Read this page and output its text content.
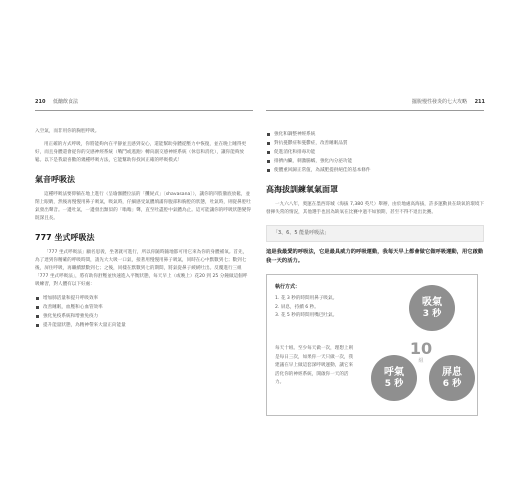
210 低醣飲食法

入空氣，而非用你的胸腔呼吸。

用正確的方式呼吸，你將能夠內在平靜並且感到安心，還能幫助身體從壓力中恢復，並在晚上睡得更好，而且身體還會從你的交感神經系統（戰鬥或逃跑）轉向副交感神經系統（休息和消化），讓你能夠放鬆。以下是我最喜歡的幾種呼吸方法，它能幫助你找回正確的呼吸模式！

氣音呼吸法

這種呼吸法要仰躺在地上進行（呈瑜伽體位法的「攤屍式」〔shavasana〕），讓你的四肢徹底放鬆，並閉上眼睛，然後再慢慢用鼻子吸氣，吸氣時，仔細感受氣體填滿你腹部和胸腔的狀態，吐氣時，則從鼻腔吐氣發出聲音。一邊吐氣，一邊發出類似的「嗡嗡」聲，直至吐盡腔中氣體為止。這可能讓你的呼吸狀態變得既深且長。

777 坐式呼吸法

「777 坐式呼吸法」顧名思義，坐著就可進行，所以你隨時隨地都可用它來為你的身體補氧。首先，為了達到你精確的呼吸時間，請先大大吸一口氣，接著用慢慢用鼻子吸氣，同時在心中默數到七；數到七後，屏住呼吸，再繼續默數到七；之後，同樣在默數到七的期間，將氣從鼻子緩緩吐出。反覆進行三組「777 坐式呼吸法」，將有助你舒壓並快速進入平衡狀態，每天早上（或晚上）花20 到 25 分鐘做這個呼吸練習，對人體有以下好處：

增加肺活量和提升呼吸效率
改善睡眠，血壓和心血管效率
強化免疫系統和增強免疫力
提升能量狀態，為精神帶來大量正向能量
擺脫慢性發炎的七大攻略 211
強化和調整神經系統
對抗憂鬱症和憂鬱症，改善睡眠品質
促進消化和排毒功能
排擠內臟，刺激腸蠕，強化內分泌功能
使體重回歸正常值，為減肥提供絕佳的基本條件
高海拔訓練氧氣面罩

一九六八年，奧運在墨西哥城（海拔 7,380 英尺）舉辦，由於地處高海拔，許多運動員在缺氧的環境下發揮失常的情況，其他選手也因為缺氧在比賽中過不如預期，甚至不得不退出比賽。

「3、6、5 能量呼吸法」
這是我最愛的呼吸法，它是最具威力的呼吸運動，我每天早上都會做它做呼吸運動，用它啟動我一天的活力。
執行方式：
1. 花 3 秒的時間用鼻子吸氣。
2. 屏息，持續 6 秒。
3. 花 5 秒的時間用嘴巴吐氣。
每天十組。至少每天做一次，理想上則是每日三次，如果你一天只做一次，我建議在早上做這套深呼吸運動，讓它來活化你的神經系統，開啟你一天的活力。
吸氣
3 秒
呼氣
5 秒
屏息
6 秒
10
組
